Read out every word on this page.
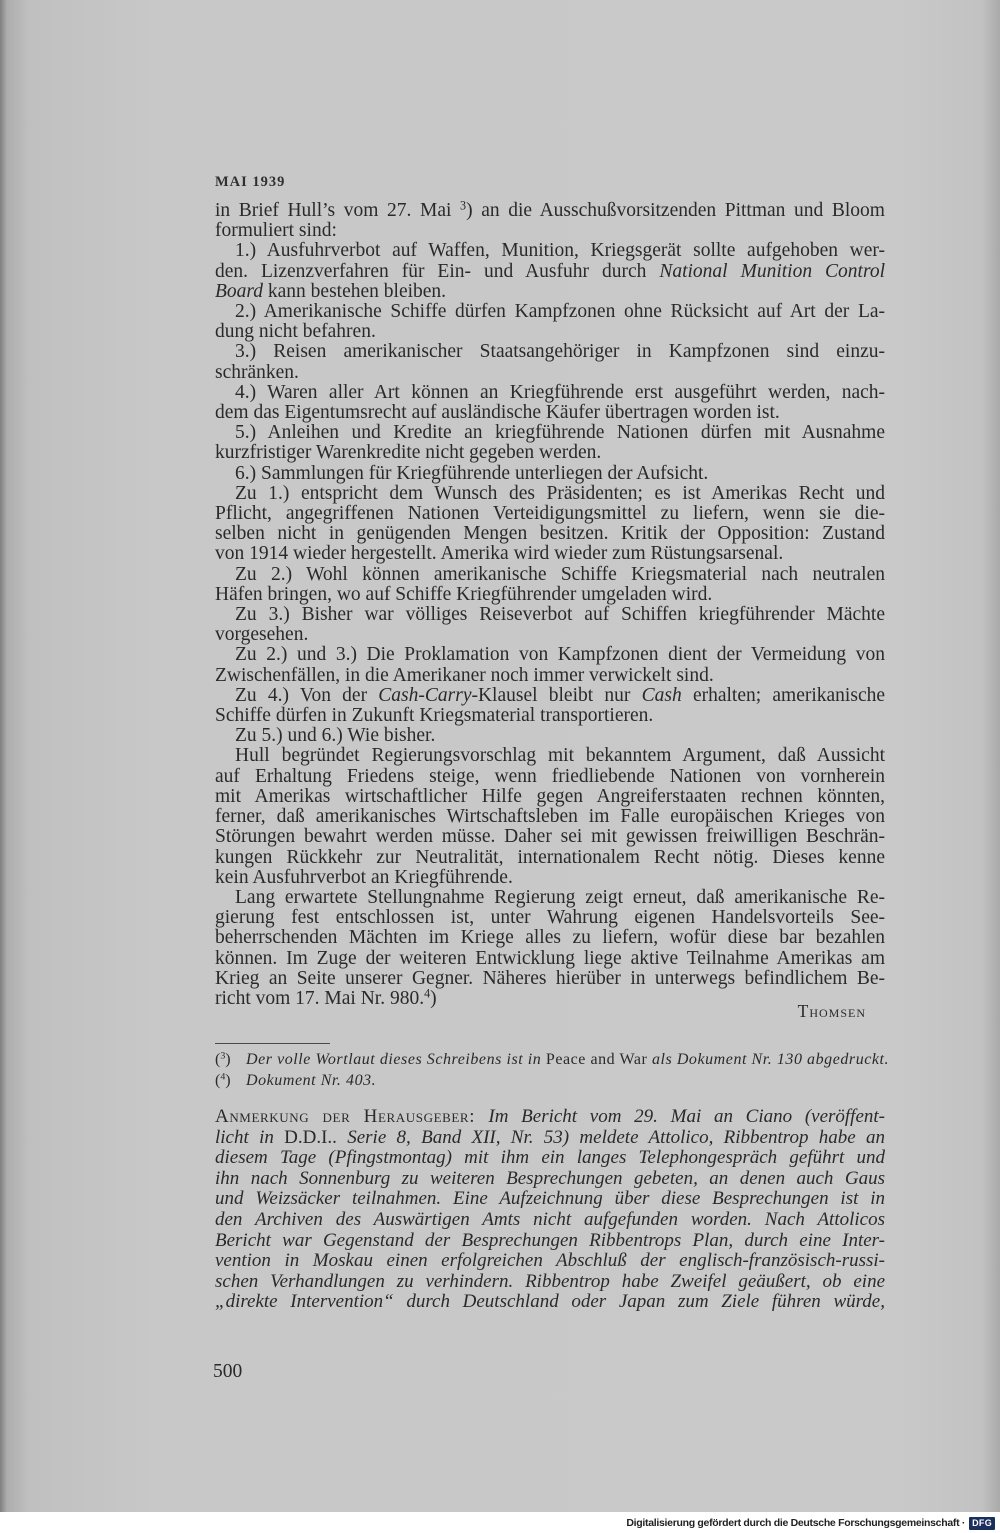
MAI 1939
in Brief Hull’s vom 27. Mai $^3$) an die Ausschußvorsitzenden Pittman und Bloom
formuliert sind:
1.) Ausfuhrverbot auf Waffen, Munition, Kriegsgerät sollte aufgehoben wer-
den. Lizenzverfahren für Ein- und Ausfuhr durch National Munition Control
Board kann bestehen bleiben.
2.) Amerikanische Schiffe dürfen Kampfzonen ohne Rücksicht auf Art der La-
dung nicht befahren.
3.) Reisen amerikanischer Staatsangehöriger in Kampfzonen sind einzu-
schränken.
4.) Waren aller Art können an Kriegführende erst ausgeführt werden, nach-
dem das Eigentumsrecht auf ausländische Käufer übertragen worden ist.
5.) Anleihen und Kredite an kriegführende Nationen dürfen mit Ausnahme
kurzfristiger Warenkredite nicht gegeben werden.
6.) Sammlungen für Kriegführende unterliegen der Aufsicht.
Zu 1.) entspricht dem Wunsch des Präsidenten; es ist Amerikas Recht und
Pflicht, angegriffenen Nationen Verteidigungsmittel zu liefern, wenn sie die-
selben nicht in genügenden Mengen besitzen. Kritik der Opposition: Zustand
von 1914 wieder hergestellt. Amerika wird wieder zum Rüstungsarsenal.
Zu 2.) Wohl können amerikanische Schiffe Kriegsmaterial nach neutralen
Häfen bringen, wo auf Schiffe Kriegführender umgeladen wird.
Zu 3.) Bisher war völliges Reiseverbot auf Schiffen kriegführender Mächte
vorgesehen.
Zu 2.) und 3.) Die Proklamation von Kampfzonen dient der Vermeidung von
Zwischenfällen, in die Amerikaner noch immer verwickelt sind.
Zu 4.) Von der Cash-Carry-Klausel bleibt nur Cash erhalten; amerikanische
Schiffe dürfen in Zukunft Kriegsmaterial transportieren.
Zu 5.) und 6.) Wie bisher.
Hull begründet Regierungsvorschlag mit bekanntem Argument, daß Aussicht
auf Erhaltung Friedens steige, wenn friedliebende Nationen von vornherein
mit Amerikas wirtschaftlicher Hilfe gegen Angreiferstaaten rechnen könnten,
ferner, daß amerikanisches Wirtschaftsleben im Falle europäischen Krieges von
Störungen bewahrt werden müsse. Daher sei mit gewissen freiwilligen Beschrän-
kungen Rückkehr zur Neutralität, internationalem Recht nötig. Dieses kenne
kein Ausfuhrverbot an Kriegführende.
Lang erwartete Stellungnahme Regierung zeigt erneut, daß amerikanische Re-
gierung fest entschlossen ist, unter Wahrung eigenen Handelsvorteils See-
beherrschenden Mächten im Kriege alles zu liefern, wofür diese bar bezahlen
können. Im Zuge der weiteren Entwicklung liege aktive Teilnahme Amerikas am
Krieg an Seite unserer Gegner. Näheres hierüber in unterwegs befindlichem Be-
richt vom 17. Mai Nr. 980.$^4$)
Thomsen
($^3$) Der volle Wortlaut dieses Schreibens ist in Peace and War als Dokument Nr. 130 abgedruckt.
($^4$) Dokument Nr. 403.
Anmerkung der Herausgeber: Im Bericht vom 29. Mai an Ciano (veröffent-
licht in D.D.I.. Serie 8, Band XII, Nr. 53) meldete Attolico, Ribbentrop habe an
diesem Tage (Pfingstmontag) mit ihm ein langes Telephongespräch geführt und
ihn nach Sonnenburg zu weiteren Besprechungen gebeten, an denen auch Gaus
und Weizsäcker teilnahmen. Eine Aufzeichnung über diese Besprechungen ist in
den Archiven des Auswärtigen Amts nicht aufgefunden worden. Nach Attolicos
Bericht war Gegenstand der Besprechungen Ribbentrops Plan, durch eine Inter-
vention in Moskau einen erfolgreichen Abschluß der englisch-französisch-russi-
schen Verhandlungen zu verhindern. Ribbentrop habe Zweifel geäußert, ob eine
„direkte Intervention“ durch Deutschland oder Japan zum Ziele führen würde,
500
Digitalisierung gefördert durch die Deutsche Forschungsgemeinschaft · DFG
